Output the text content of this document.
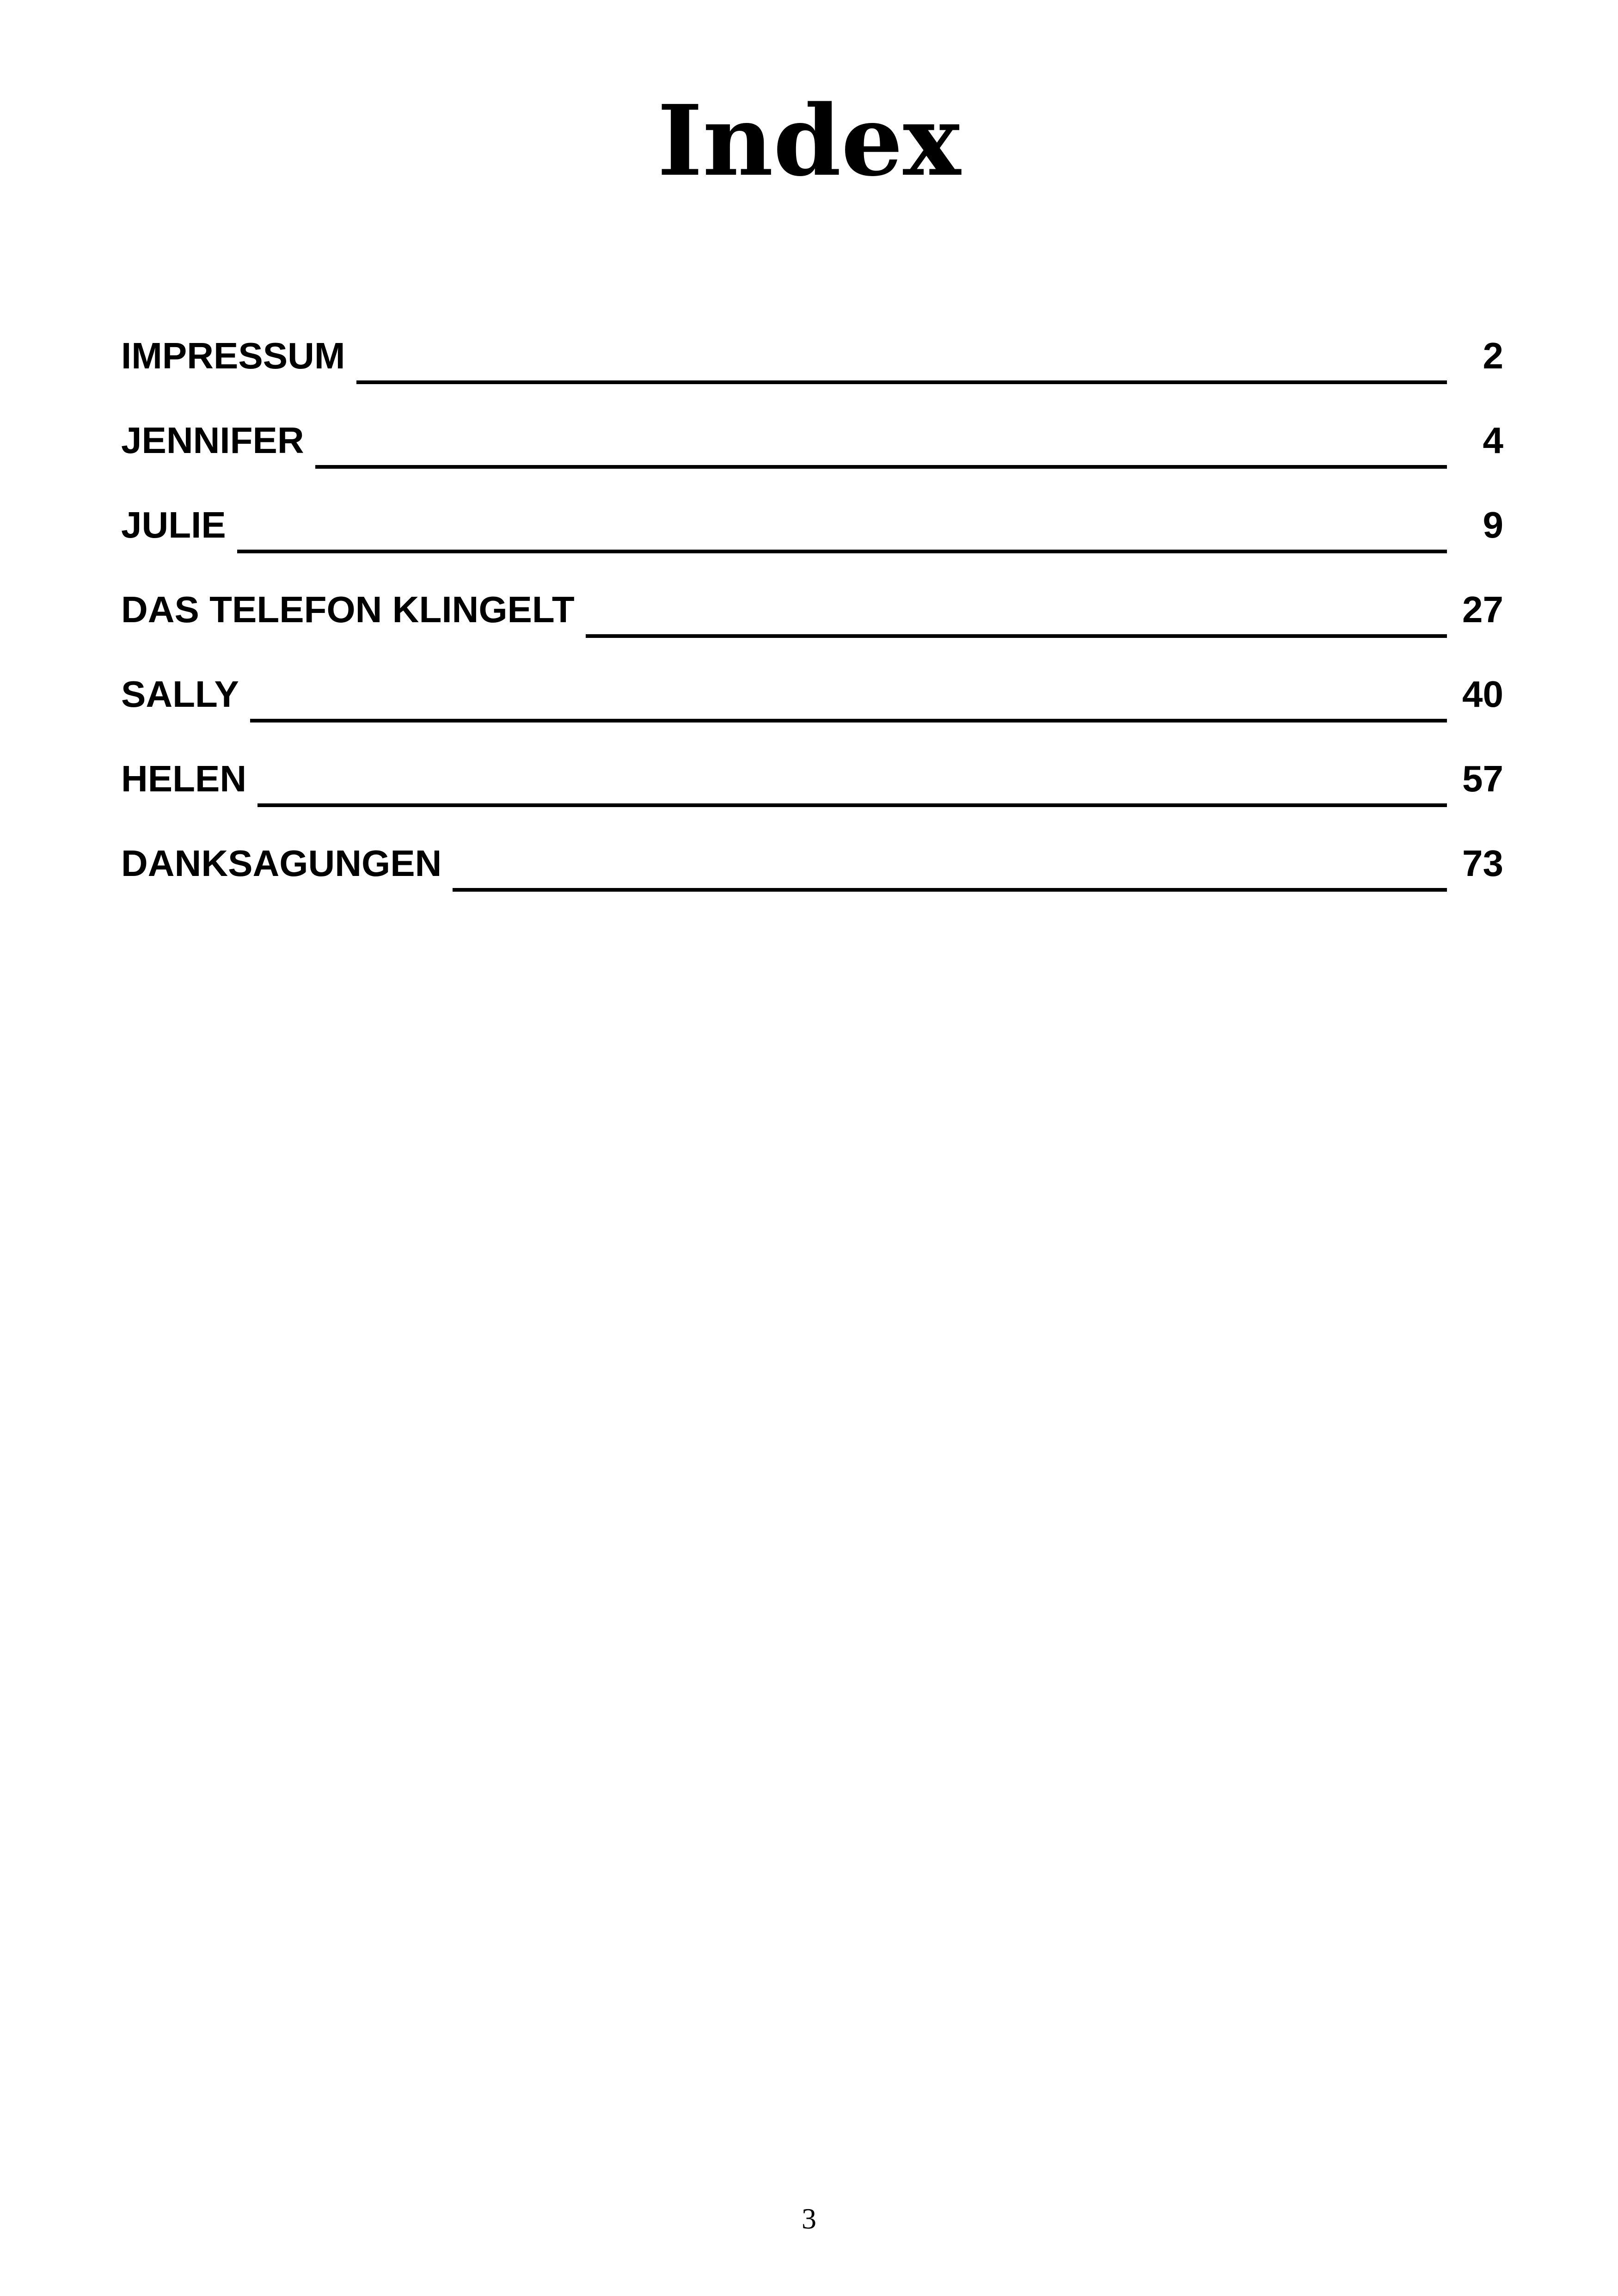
Index
IMPRESSUM	2
JENNIFER	4
JULIE	9
DAS TELEFON KLINGELT	27
SALLY	40
HELEN	57
DANKSAGUNGEN	73
3
